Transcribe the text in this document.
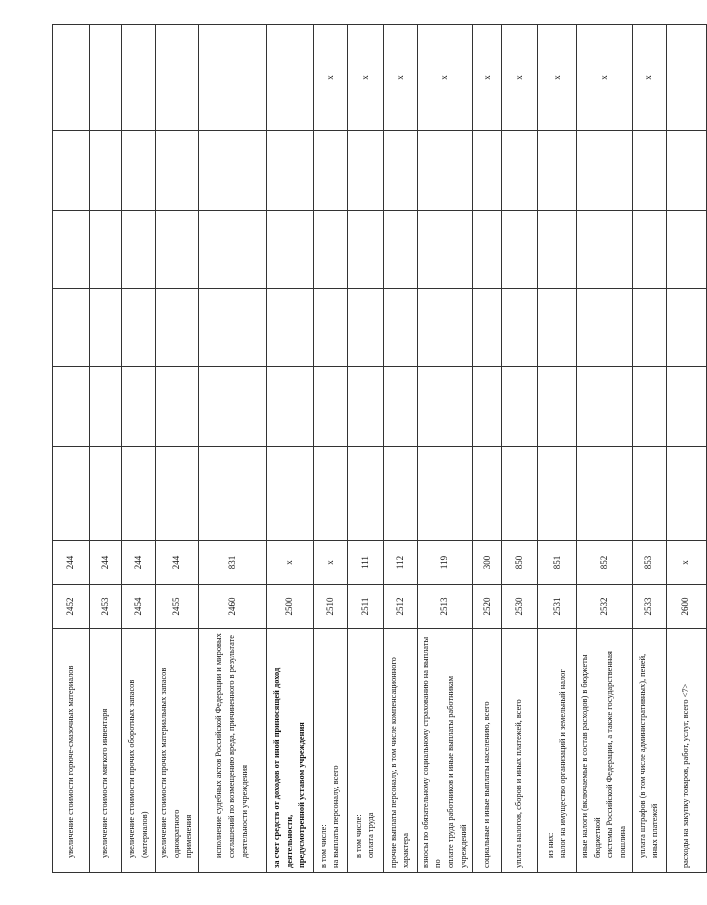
увеличение стоимости горюче-смазочных материалов	2452	244						

увеличение стоимости мягкого инвентаря	2453	244						

увеличение стоимости прочих оборотных запасов (материалов)	2454	244						

увеличение стоимости прочих материальных запасов однократного применения	2455	244						

исполнение судебных актов Российской Федерации и мировых соглашений по возмещению вреда, причиненного в результате деятельности учреждения	2460	831						

за счет средств от доходов от иной приносящей доход деятельности, предусмотренной уставом учреждения	2500	x						

в том числе: на выплаты персоналу, всего	2510	x						x

в том числе: оплата труда	2511	111						x

прочие выплаты персоналу, в том числе компенсационного характера	2512	112						x

взносы по обязательному социальному страхованию на выплаты по оплате труда работников и иные выплаты работникам учреждений	2513	119						x

социальные и иные выплаты населению, всего	2520	300						x

уплата налогов, сборов и иных платежей, всего	2530	850						x

из них: налог на имущество организаций и земельный налог	2531	851						x

иные налоги (включаемые в состав расходов) в бюджеты бюджетной системы Российской Федерации, а также государственная пошлина	2532	852						x

уплата штрафов (в том числе административных), пеней, иных платежей	2533	853						x

расходы на закупку товаров, работ, услуг, всего <7>	2600	x						
